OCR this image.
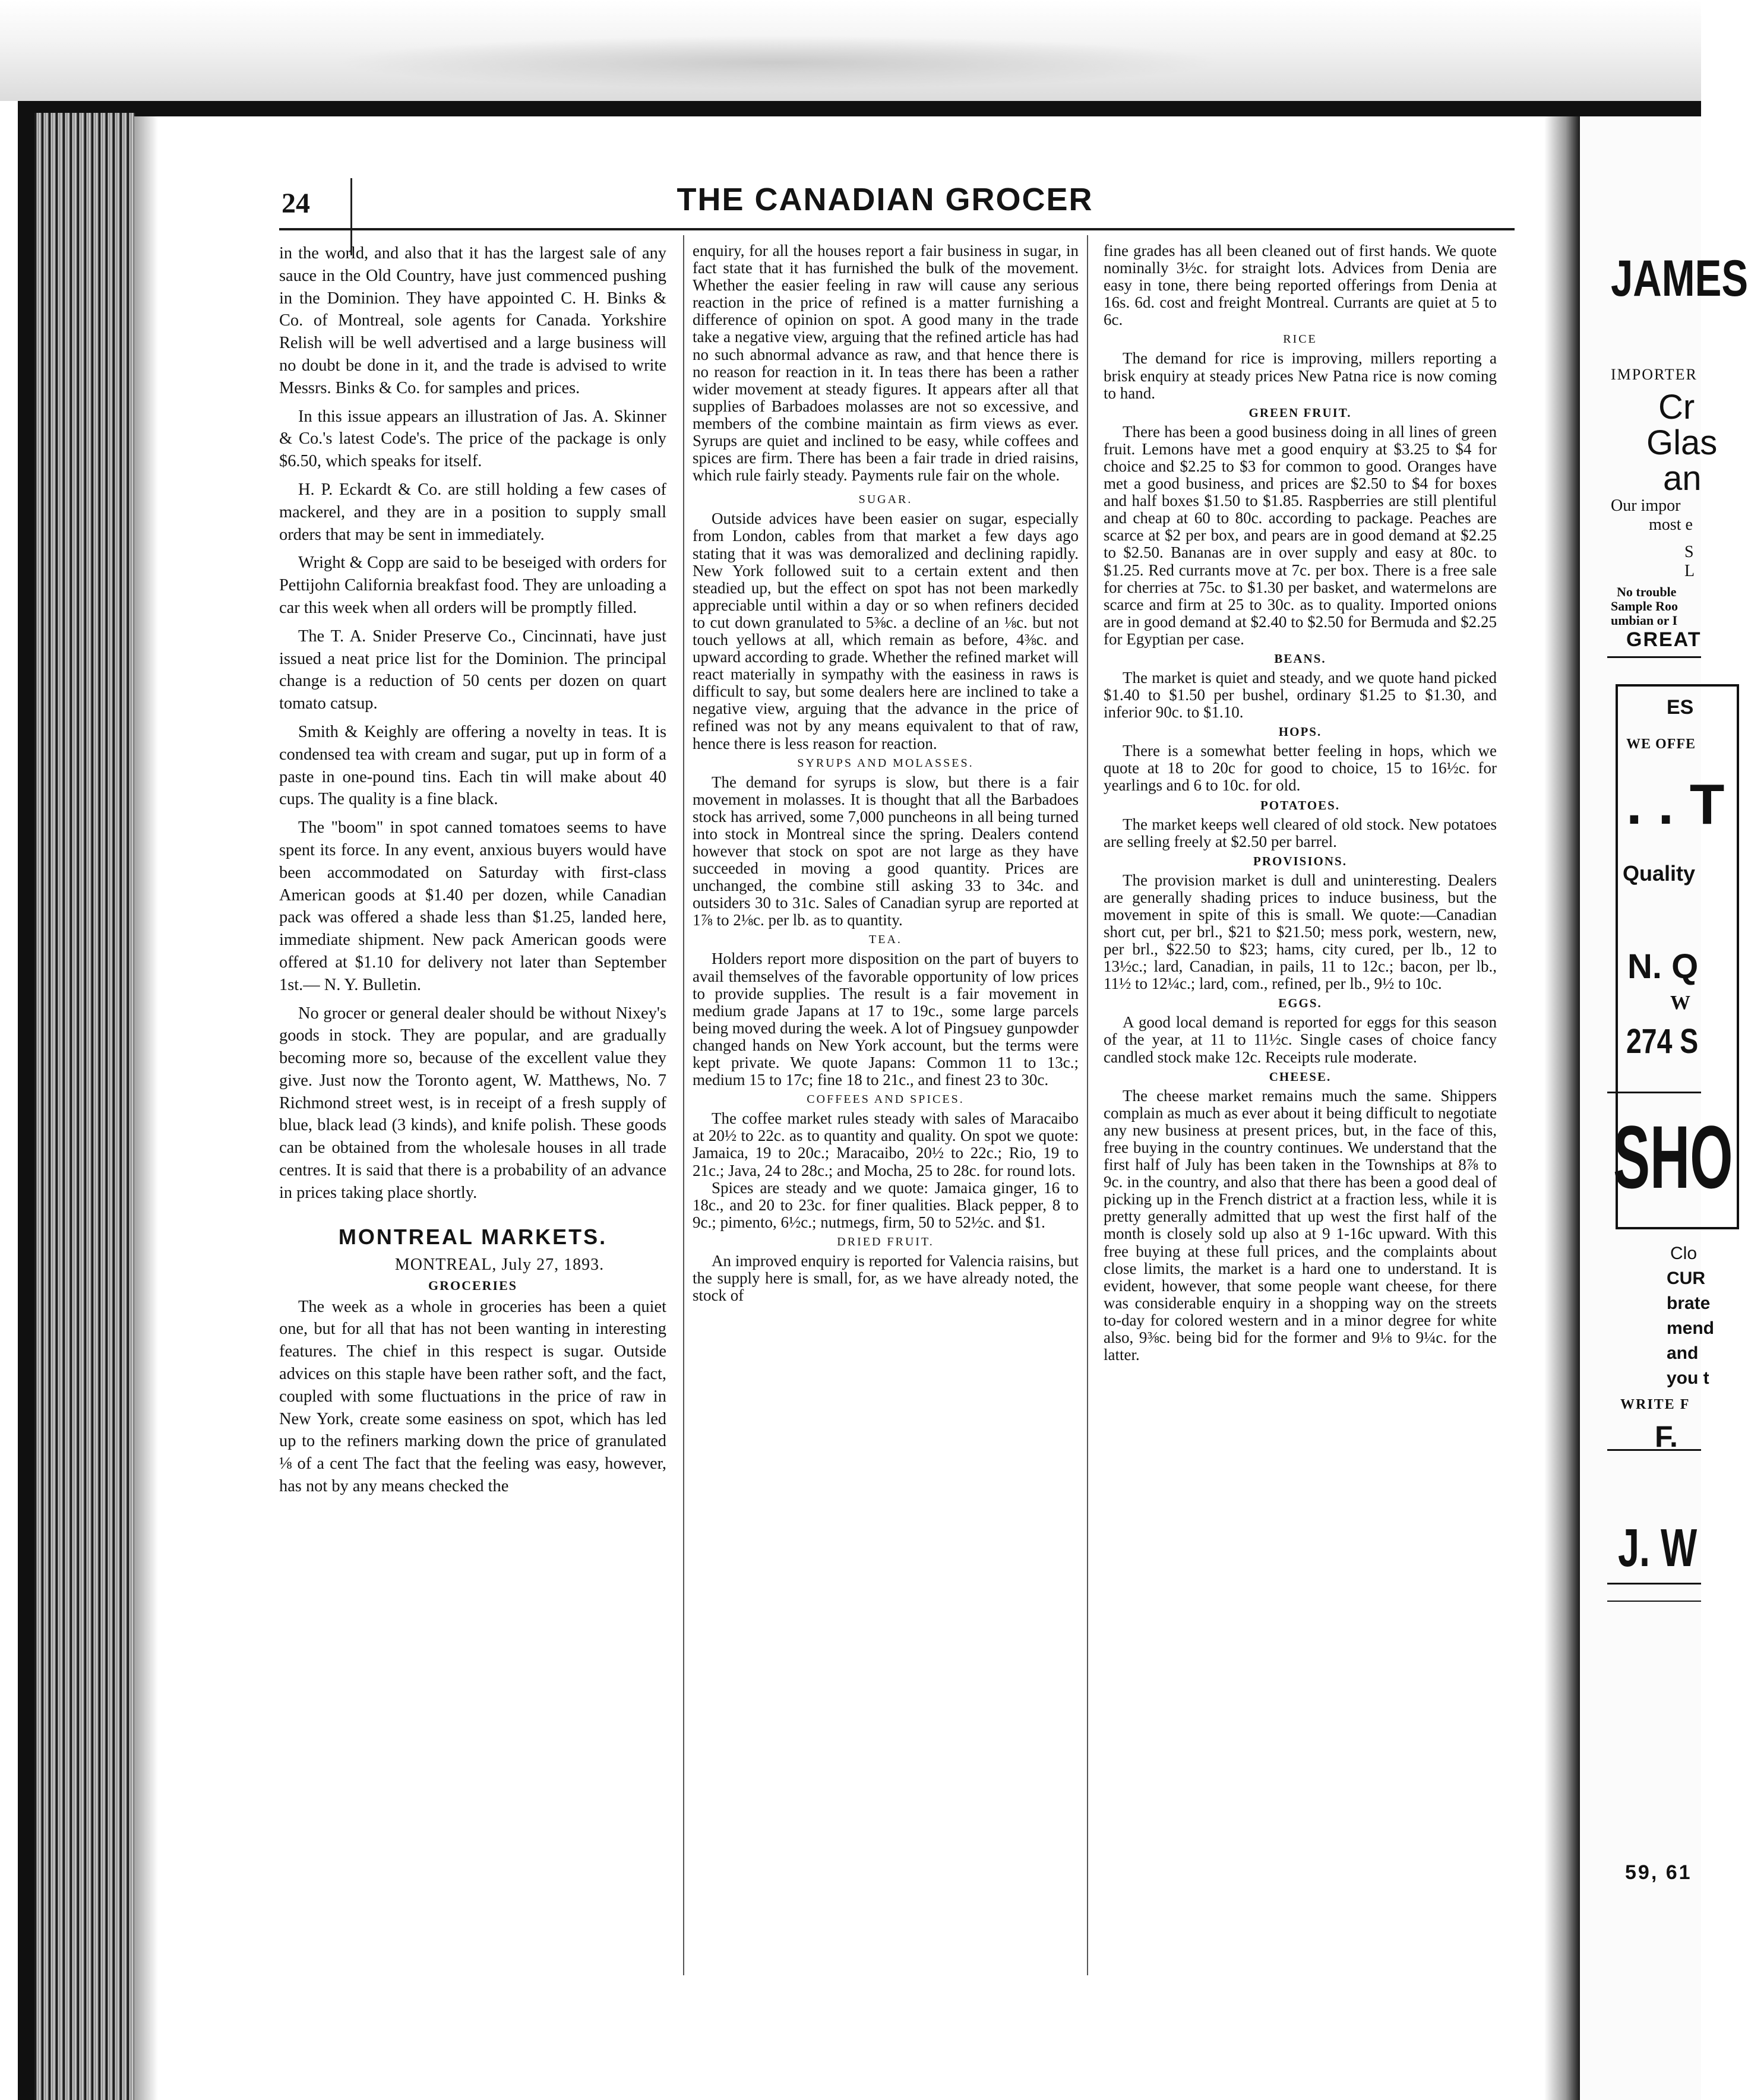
24	THE CANADIAN GROCER

in the world, and also that it has the largest sale of any sauce in the Old Country, have just commenced pushing in the Dominion. They have appointed C. H. Binks & Co. of Montreal, sole agents for Canada. Yorkshire Relish will be well advertised and a large business will no doubt be done in it, and the trade is advised to write Messrs. Binks & Co. for samples and prices.

In this issue appears an illustration of Jas. A. Skinner & Co.'s latest Code's. The price of the package is only $6.50, which speaks for itself.

H. P. Eckardt & Co. are still holding a few cases of mackerel, and they are in a position to supply small orders that may be sent in immediately.

Wright & Copp are said to be beseiged with orders for Pettijohn California breakfast food. They are unloading a car this week when all orders will be promptly filled.

The T. A. Snider Preserve Co., Cincinnati, have just issued a neat price list for the Dominion. The principal change is a reduction of 50 cents per dozen on quart tomato catsup.

Smith & Keighly are offering a novelty in teas. It is condensed tea with cream and sugar, put up in form of a paste in one-pound tins. Each tin will make about 40 cups. The quality is a fine black.

The "boom" in spot canned tomatoes seems to have spent its force. In any event, anxious buyers would have been accommodated on Saturday with first-class American goods at $1.40 per dozen, while Canadian pack was offered a shade less than $1.25, landed here, immediate shipment. New pack American goods were offered at $1.10 for delivery not later than September 1st.— N. Y. Bulletin.

No grocer or general dealer should be without Nixey's goods in stock. They are popular, and are gradually becoming more so, because of the excellent value they give. Just now the Toronto agent, W. Matthews, No. 7 Richmond street west, is in receipt of a fresh supply of blue, black lead (3 kinds), and knife polish. These goods can be obtained from the wholesale houses in all trade centres. It is said that there is a probability of an advance in prices taking place shortly.

MONTREAL MARKETS.
MONTREAL, July 27, 1893.
GROCERIES

The week as a whole in groceries has been a quiet one, but for all that has not been wanting in interesting features. The chief in this respect is sugar. Outside advices on this staple have been rather soft, and the fact, coupled with some fluctuations in the price of raw in New York, create some easiness on spot, which has led up to the refiners marking down the price of granulated ⅛ of a cent The fact that the feeling was easy, however, has not by any means checked the

enquiry, for all the houses report a fair business in sugar, in fact state that it has furnished the bulk of the movement. Whether the easier feeling in raw will cause any serious reaction in the price of refined is a matter furnishing a difference of opinion on spot. A good many in the trade take a negative view, arguing that the refined article has had no such abnormal advance as raw, and that hence there is no reason for reaction in it. In teas there has been a rather wider movement at steady figures. It appears after all that supplies of Barbadoes molasses are not so excessive, and members of the combine maintain as firm views as ever. Syrups are quiet and inclined to be easy, while coffees and spices are firm. There has been a fair trade in dried raisins, which rule fairly steady. Payments rule fair on the whole.

SUGAR.

Outside advices have been easier on sugar, especially from London, cables from that market a few days ago stating that it was was demoralized and declining rapidly. New York followed suit to a certain extent and then steadied up, but the effect on spot has not been markedly appreciable until within a day or so when refiners decided to cut down granulated to 5⅜c. a decline of an ⅛c. but not touch yellows at all, which remain as before, 4⅜c. and upward according to grade. Whether the refined market will react materially in sympathy with the easiness in raws is difficult to say, but some dealers here are inclined to take a negative view, arguing that the advance in the price of refined was not by any means equivalent to that of raw, hence there is less reason for reaction.

SYRUPS AND MOLASSES.

The demand for syrups is slow, but there is a fair movement in molasses. It is thought that all the Barbadoes stock has arrived, some 7,000 puncheons in all being turned into stock in Montreal since the spring. Dealers contend however that stock on spot are not large as they have succeeded in moving a good quantity. Prices are unchanged, the combine still asking 33 to 34c. and outsiders 30 to 31c. Sales of Canadian syrup are reported at 1⅞ to 2⅛c. per lb. as to quantity.

TEA.

Holders report more disposition on the part of buyers to avail themselves of the favorable opportunity of low prices to provide supplies. The result is a fair movement in medium grade Japans at 17 to 19c., some large parcels being moved during the week. A lot of Pingsuey gunpowder changed hands on New York account, but the terms were kept private. We quote Japans: Common 11 to 13c.; medium 15 to 17c; fine 18 to 21c., and finest 23 to 30c.

COFFEES AND SPICES.

The coffee market rules steady with sales of Maracaibo at 20½ to 22c. as to quantity and quality. On spot we quote: Jamaica, 19 to 20c.; Maracaibo, 20½ to 22c.; Rio, 19 to 21c.; Java, 24 to 28c.; and Mocha, 25 to 28c. for round lots.

Spices are steady and we quote: Jamaica ginger, 16 to 18c., and 20 to 23c. for finer qualities. Black pepper, 8 to 9c.; pimento, 6½c.; nutmegs, firm, 50 to 52½c. and $1.

DRIED FRUIT.

An improved enquiry is reported for Valencia raisins, but the supply here is small, for, as we have already noted, the stock of

fine grades has all been cleaned out of first hands. We quote nominally 3½c. for straight lots. Advices from Denia are easy in tone, there being reported offerings from Denia at 16s. 6d. cost and freight Montreal. Currants are quiet at 5 to 6c.

RICE

The demand for rice is improving, millers reporting a brisk enquiry at steady prices New Patna rice is now coming to hand.

GREEN FRUIT.

There has been a good business doing in all lines of green fruit. Lemons have met a good enquiry at $3.25 to $4 for choice and $2.25 to $3 for common to good. Oranges have met a good business, and prices are $2.50 to $4 for boxes and half boxes $1.50 to $1.85. Raspberries are still plentiful and cheap at 60 to 80c. according to package. Peaches are scarce at $2 per box, and pears are in good demand at $2.25 to $2.50. Bananas are in over supply and easy at 80c. to $1.25. Red currants move at 7c. per box. There is a free sale for cherries at 75c. to $1.30 per basket, and watermelons are scarce and firm at 25 to 30c. as to quality. Imported onions are in good demand at $2.40 to $2.50 for Bermuda and $2.25 for Egyptian per case.

BEANS.

The market is quiet and steady, and we quote hand picked $1.40 to $1.50 per bushel, ordinary $1.25 to $1.30, and inferior 90c. to $1.10.

HOPS.

There is a somewhat better feeling in hops, which we quote at 18 to 20c for good to choice, 15 to 16½c. for yearlings and 6 to 10c. for old.

POTATOES.

The market keeps well cleared of old stock. New potatoes are selling freely at $2.50 per barrel.

PROVISIONS.

The provision market is dull and uninteresting. Dealers are generally shading prices to induce business, but the movement in spite of this is small. We quote:—Canadian short cut, per brl., $21 to $21.50; mess pork, western, new, per brl., $22.50 to $23; hams, city cured, per lb., 12 to 13½c.; lard, Canadian, in pails, 11 to 12c.; bacon, per lb., 11½ to 12¼c.; lard, com., refined, per lb., 9½ to 10c.

EGGS.

A good local demand is reported for eggs for this season of the year, at 11 to 11½c. Single cases of choice fancy candled stock make 12c. Receipts rule moderate.

CHEESE.

The cheese market remains much the same. Shippers complain as much as ever about it being difficult to negotiate any new business at present prices, but, in the face of this, free buying in the country continues. We understand that the first half of July has been taken in the Townships at 8⅞ to 9c. in the country, and also that there has been a good deal of picking up in the French district at a fraction less, while it is pretty generally admitted that up west the first half of the month is closely sold up also at 9 1-16c upward. With this free buying at these full prices, and the complaints about close limits, the market is a hard one to understand. It is evident, however, that some people want cheese, for there was considerable enquiry in a shopping way on the streets to-day for colored western and in a minor degree for white also, 9⅜c. being bid for the former and 9⅛ to 9¼c. for the latter.

JAMES
IMPORTER
Cr
Glas
an
Our impor
most e
S
L
No trouble
Sample Roo
umbian or I
GREAT
ES
WE OFFE
. . T
Quality
N. Q
W
274 S
SHO
Clo
CUR
brate
mend
and
you t
WRITE F
F.
J. W
59, 61
